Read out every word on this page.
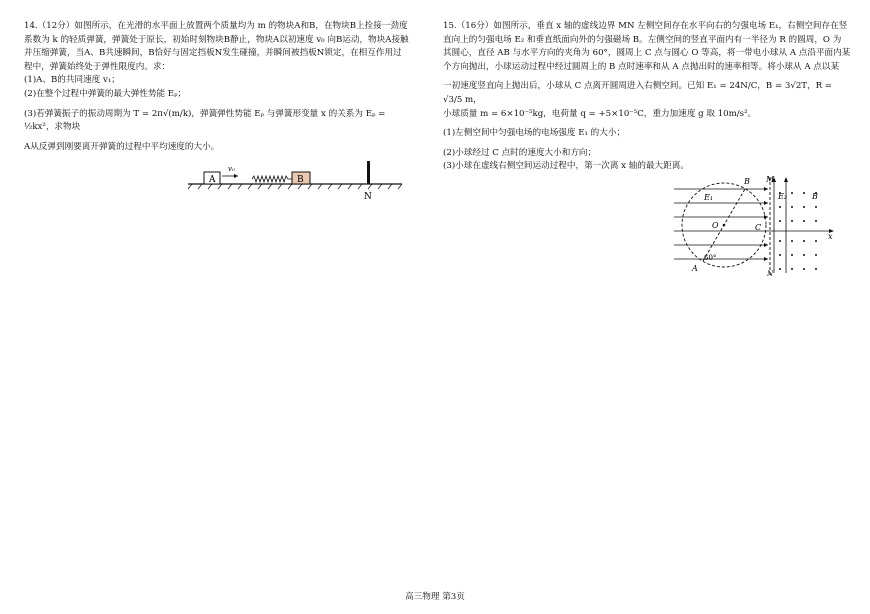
14.（12分）如图所示，在光滑的水平面上放置两个质量均为 m 的物块A和B，在物块B上拴接一劲度

系数为 k 的轻质弹簧，弹簧处于原长，初始时刻物块B静止，物块A以初速度 v₀ 向B运动，物块A接触

并压缩弹簧，当A、B共速瞬间，B恰好与固定挡板N发生碰撞，并瞬间被挡板N锁定，在相互作用过

程中，弹簧始终处于弹性限度内。求：

(1)A、B的共同速度 v₁；

(2)在整个过程中弹簧的最大弹性势能 Eₚ；

(3)若弹簧振子的振动周期为 T = 2π√(m/k)，弹簧弹性势能 Eₚ 与弹簧形变量 x 的关系为 Eₚ = ½kx²，求物块

A从反弹到刚要离开弹簧的过程中平均速度的大小。

A
v₀
B
N

15.（16分）如图所示，垂直 x 轴的虚线边界 MN 左侧空间存在水平向右的匀强电场 E₁，右侧空间存在竖

直向上的匀强电场 E₂ 和垂直纸面向外的匀强磁场 B。左侧空间的竖直平面内有一半径为 R 的圆周，O 为

其圆心，直径 AB 与水平方向的夹角为 60°，圆周上 C 点与圆心 O 等高，将一带电小球从 A 点沿平面内某

个方向抛出，小球运动过程中经过圆周上的 B 点时速率和从 A 点抛出时的速率相等。将小球从 A 点以某

一初速度竖直向上抛出后，小球从 C 点离开圆周进入右侧空间。已知 E₁ = 24N/C，B = 3√2T，R = √3/5 m，

小球质量 m = 6×10⁻⁵kg，电荷量 q = +5×10⁻⁵C，重力加速度 g 取 10m/s²。

(1)左侧空间中匀强电场的电场强度 E₁ 的大小；

(2)小球经过 C 点时的速度大小和方向；

(3)小球在虚线右侧空间运动过程中，第一次离 x 轴的最大距离。

M
N
B
B
E₁	E₂
O	C
A
x
60°
高三物理 第3页
